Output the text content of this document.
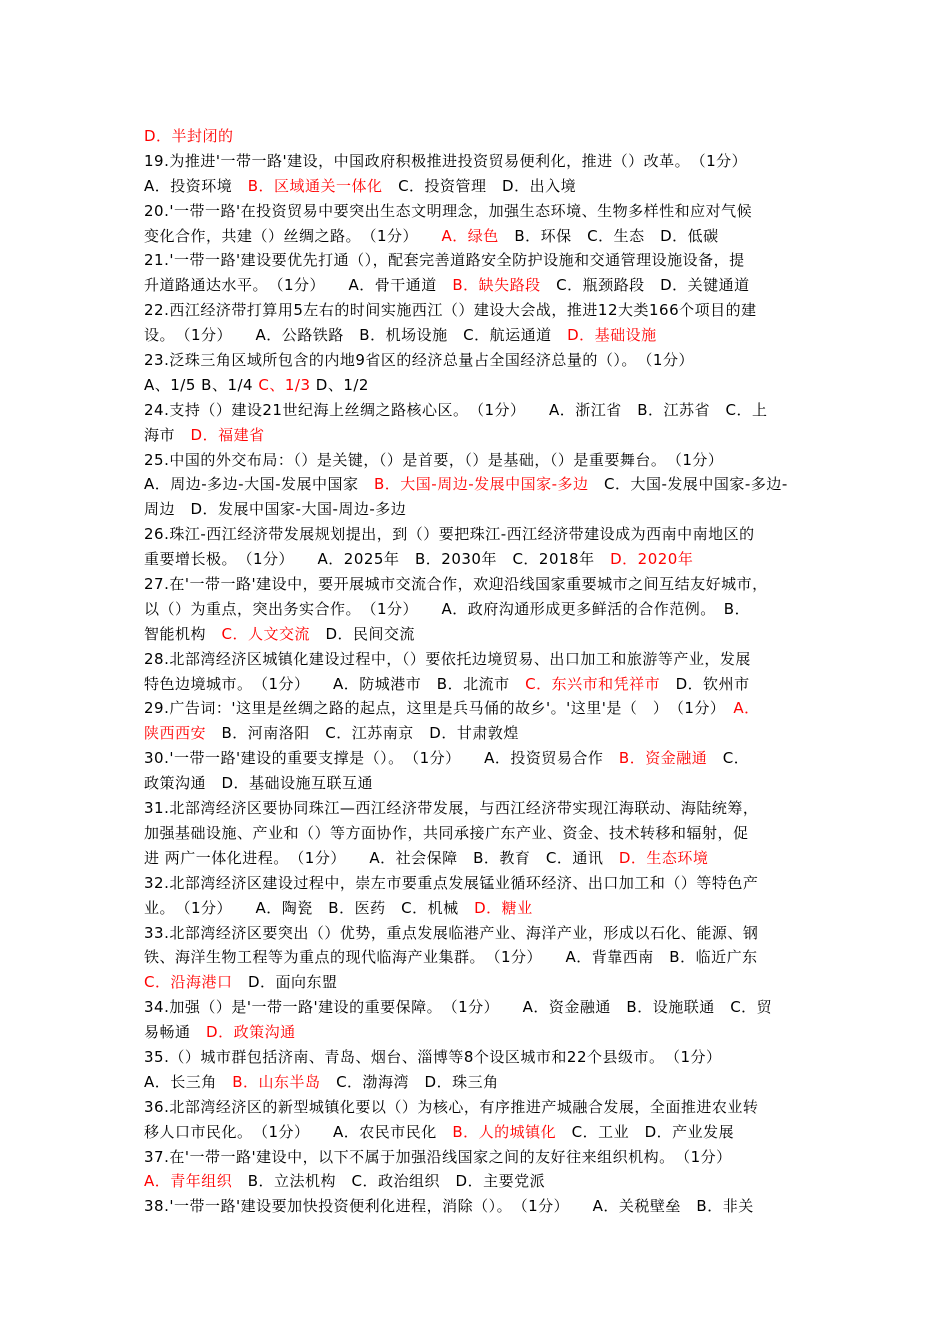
D．半封闭的
19.为推进'一带一路'建设，中国政府积极推进投资贸易便利化，推进（）改革。　（1分）
A．投资环境　B．区域通关一体化　C．投资管理　D．出入境
20.'一带一路'在投资贸易中要突出生态文明理念，加强生态环境、生物多样性和应对气候
变化合作，共建（）丝绸之路。　（1分）　　A．绿色　B．环保　C．生态　D．低碳
21.'一带一路'建设要优先打通（），配套完善道路安全防护设施和交通管理设施设备，提
升道路通达水平。　（1分）　　A．骨干通道　B．缺失路段　C．瓶颈路段　D．关键通道
22.西江经济带打算用5左右的时间实施西江（）建设大会战，推进12大类166个项目的建
设。　（1分）　　A．公路铁路　B．机场设施　C．航运通道　D．基础设施
23.泛珠三角区域所包含的内地9省区的经济总量占全国经济总量的（）。　（1分）
A、1/5 B、1/4 C、1/3 D、1/2
24.支持（）建设21世纪海上丝绸之路核心区。　（1分）　　A．浙江省　B．江苏省　C．上
海市　D．福建省
25.中国的外交布局：（）是关键，（）是首要，（）是基础，（）是重要舞台。　（1分）
A．周边-多边-大国-发展中国家　B．大国-周边-发展中国家-多边　C．大国-发展中国家-多边-
周边　D．发展中国家-大国-周边-多边
26.珠江-西江经济带发展规划提出，到（）要把珠江-西江经济带建设成为西南中南地区的
重要增长极。　（1分）　　A．2025年　B．2030年　C．2018年　D．2020年
27.在'一带一路'建设中，要开展城市交流合作，欢迎沿线国家重要城市之间互结友好城市，
以（）为重点，突出务实合作。　（1分）　　A．政府沟通形成更多鲜活的合作范例。　B．
智能机构　C．人文交流　D．民间交流
28.北部湾经济区城镇化建设过程中，（）要依托边境贸易、出口加工和旅游等产业，发展
特色边境城市。　（1分）　　A．防城港市　B．北流市　C．东兴市和凭祥市　D．钦州市
29.广告词：'这里是丝绸之路的起点，这里是兵马俑的故乡'。'这里'是（　）　（1分）　A．
陕西西安　B．河南洛阳　C．江苏南京　D．甘肃敦煌
30.'一带一路'建设的重要支撑是（）。　（1分）　　A．投资贸易合作　B．资金融通　C．
政策沟通　D．基础设施互联互通
31.北部湾经济区要协同珠江—西江经济带发展，与西江经济带实现江海联动、海陆统筹，
加强基础设施、产业和（）等方面协作，共同承接广东产业、资金、技术转移和辐射，促
进 两广一体化进程。　（1分）　　A．社会保障　B．教育　C．通讯　D．生态环境
32.北部湾经济区建设过程中，崇左市要重点发展锰业循环经济、出口加工和（）等特色产
业。　（1分）　　A．陶瓷　B．医药　C．机械　D．糖业
33.北部湾经济区要突出（）优势，重点发展临港产业、海洋产业，形成以石化、能源、钢
铁、海洋生物工程等为重点的现代临海产业集群。　（1分）　　A．背靠西南　B．临近广东
C．沿海港口　D．面向东盟
34.加强（）是'一带一路'建设的重要保障。　（1分）　　A．资金融通　B．设施联通　C．贸
易畅通　D．政策沟通
35.（）城市群包括济南、青岛、烟台、淄博等8个设区城市和22个县级市。　（1分）
A．长三角　B．山东半岛　C．渤海湾　D．珠三角
36.北部湾经济区的新型城镇化要以（）为核心，有序推进产城融合发展，全面推进农业转
移人口市民化。　（1分）　　A．农民市民化　B．人的城镇化　C．工业　D．产业发展
37.在'一带一路'建设中，以下不属于加强沿线国家之间的友好往来组织机构。　（1分）
A．青年组织　B．立法机构　C．政治组织　D．主要党派
38.'一带一路'建设要加快投资便利化进程，消除（）。　（1分）　　A．关税壁垒　B．非关
